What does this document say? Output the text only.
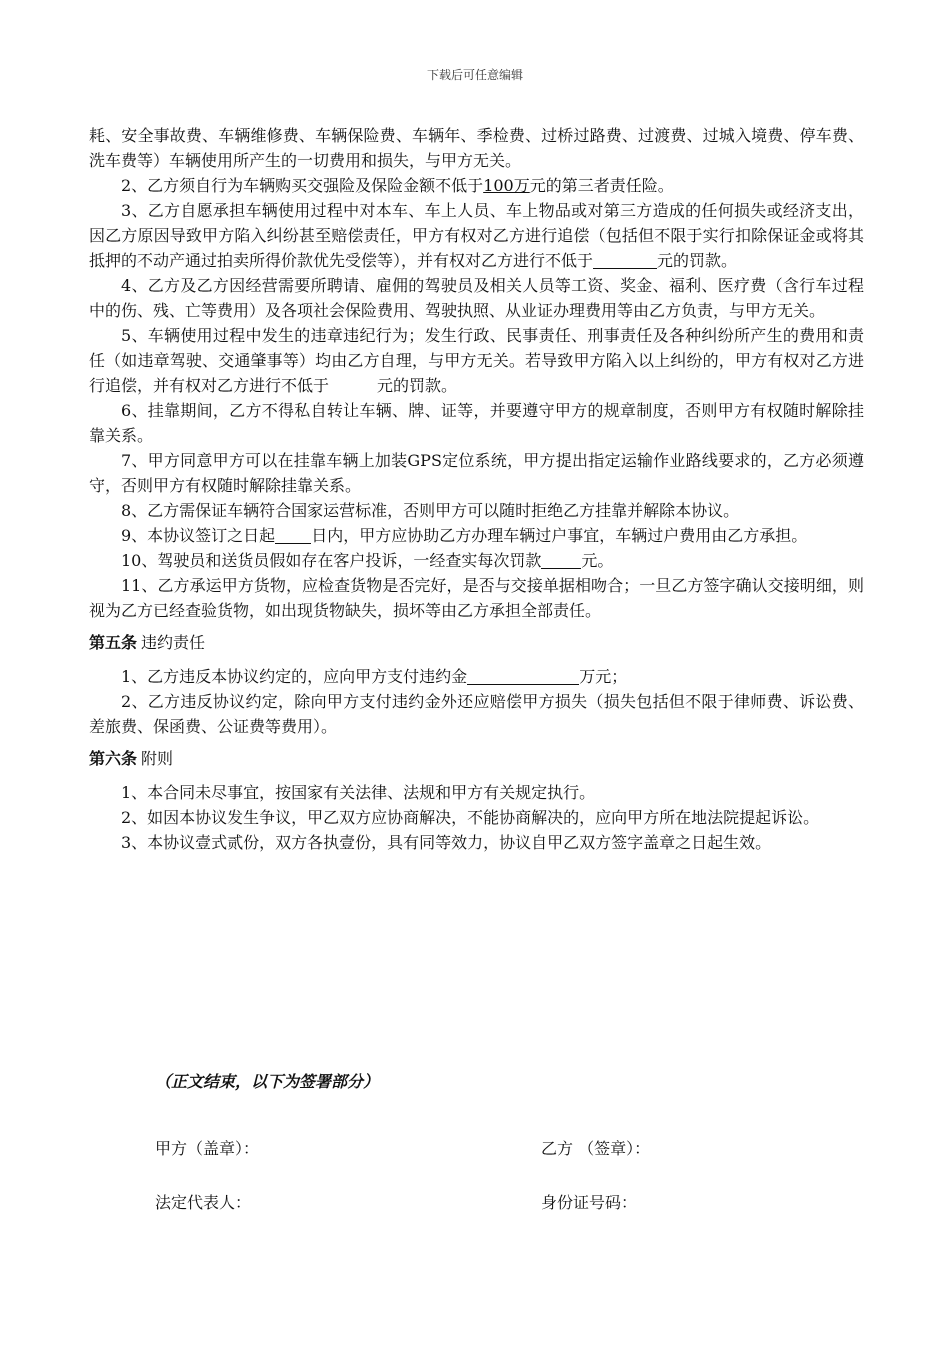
下载后可任意编辑

耗、安全事故费、车辆维修费、车辆保险费、车辆年、季检费、过桥过路费、过渡费、过城入境费、停车费、洗车费等）车辆使用所产生的一切费用和损失，与甲方无关。

2、乙方须自行为车辆购买交强险及保险金额不低于100万元的第三者责任险。

3、乙方自愿承担车辆使用过程中对本车、车上人员、车上物品或对第三方造成的任何损失或经济支出，因乙方原因导致甲方陷入纠纷甚至赔偿责任，甲方有权对乙方进行追偿（包括但不限于实行扣除保证金或将其抵押的不动产通过拍卖所得价款优先受偿等），并有权对乙方进行不低于	元的罚款。

4、乙方及乙方因经营需要所聘请、雇佣的驾驶员及相关人员等工资、奖金、福利、医疗费（含行车过程中的伤、残、亡等费用）及各项社会保险费用、驾驶执照、从业证办理费用等由乙方负责，与甲方无关。

5、车辆使用过程中发生的违章违纪行为；发生行政、民事责任、刑事责任及各种纠纷所产生的费用和责任（如违章驾驶、交通肇事等）均由乙方自理，与甲方无关。若导致甲方陷入以上纠纷的，甲方有权对乙方进行追偿，并有权对乙方进行不低于	元的罚款。

6、挂靠期间，乙方不得私自转让车辆、牌、证等，并要遵守甲方的规章制度，否则甲方有权随时解除挂靠关系。

7、甲方同意甲方可以在挂靠车辆上加装GPS定位系统，甲方提出指定运输作业路线要求的，乙方必须遵守，否则甲方有权随时解除挂靠关系。

8、乙方需保证车辆符合国家运营标准，否则甲方可以随时拒绝乙方挂靠并解除本协议。

9、本协议签订之日起 日内，甲方应协助乙方办理车辆过户事宜，车辆过户费用由乙方承担。

10、驾驶员和送货员假如存在客户投诉，一经查实每次罚款	元。

11、乙方承运甲方货物，应检查货物是否完好，是否与交接单据相吻合；一旦乙方签字确认交接明细，则视为乙方已经查验货物，如出现货物缺失，损坏等由乙方承担全部责任。

第五条 违约责任

1、乙方违反本协议约定的，应向甲方支付违约金	万元；

2、乙方违反协议约定，除向甲方支付违约金外还应赔偿甲方损失（损失包括但不限于律师费、诉讼费、差旅费、保函费、公证费等费用）。

第六条 附则

1、本合同未尽事宜，按国家有关法律、法规和甲方有关规定执行。

2、如因本协议发生争议，甲乙双方应协商解决，不能协商解决的，应向甲方所在地法院提起诉讼。

3、本协议壹式贰份，双方各执壹份，具有同等效力，协议自甲乙双方签字盖章之日起生效。

（正文结束，以下为签署部分）
甲方（盖章）：	乙方 （签章）：
法定代表人：	身份证号码：
